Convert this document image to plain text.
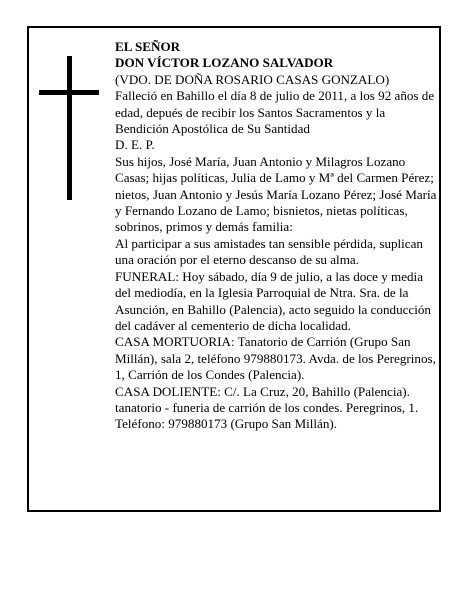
EL SEÑOR

DON VÍCTOR LOZANO SALVADOR

(VDO. DE DOÑA ROSARIO CASAS GONZALO)

Falleció en Bahillo el día 8 de julio de 2011, a los 92 años de edad, depués de recibir los Santos Sacramentos y la Bendición Apostólica de Su Santidad

D. E. P.

Sus hijos, José María, Juan Antonio y Milagros Lozano Casas; hijas políticas, Julia de Lamo y Mª del Carmen Pérez; nietos, Juan Antonio y Jesús María Lozano Pérez; José María y Fernando Lozano de Lamo; bisnietos, nietas políticas, sobrinos, primos y demás familia:

Al participar a sus amistades tan sensible pérdida, suplican una oración por el eterno descanso de su alma.

FUNERAL: Hoy sábado, día 9 de julio, a las doce y media del mediodía, en la Iglesia Parroquial de Ntra. Sra. de la Asunción, en Bahillo (Palencia), acto seguido la conducción del cadáver al cementerio de dicha localidad.

CASA MORTUORIA: Tanatorio de Carrión (Grupo San Millán), sala 2, teléfono 979880173. Avda. de los Peregrinos, 1, Carrión de los Condes (Palencia).

CASA DOLIENTE: C/. La Cruz, 20, Bahillo (Palencia).

tanatorio - funeria de carrión de los condes. Peregrinos, 1. Teléfono: 979880173 (Grupo San Millán).
